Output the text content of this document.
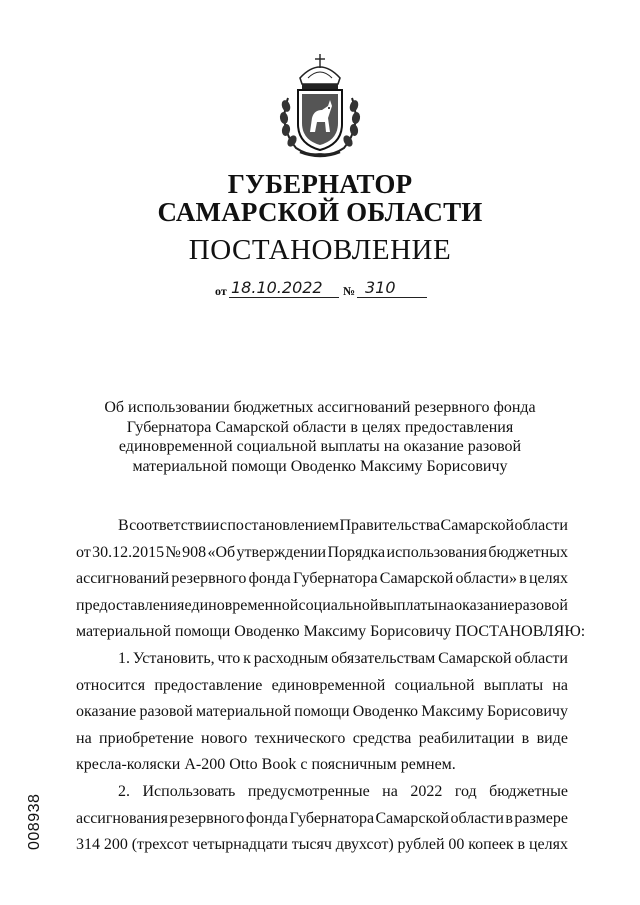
ГУБЕРНАТОР
САМАРСКОЙ ОБЛАСТИ
ПОСТАНОВЛЕНИЕ
от 18.10.2022 № 310
Об использовании бюджетных ассигнований резервного фонда
Губернатора Самарской области в целях предоставления
единовременной социальной выплаты на оказание разовой
материальной помощи Оводенко Максиму Борисовичу
В соответствии с постановлением Правительства Самарской области
от 30.12.2015 № 908 «Об утверждении Порядка использования бюджетных
ассигнований резервного фонда Губернатора Самарской области» в целях
предоставления единовременной социальной выплаты на оказание разовой
материальной помощи Оводенко Максиму Борисовичу ПОСТАНОВЛЯЮ:
1. Установить, что к расходным обязательствам Самарской области
относится предоставление единовременной социальной выплаты на
оказание разовой материальной помощи Оводенко Максиму Борисовичу
на приобретение нового технического средства реабилитации в виде
кресла-коляски А-200 Otto Book с поясничным ремнем.
2. Использовать предусмотренные на 2022 год бюджетные
ассигнования резервного фонда Губернатора Самарской области в размере
314 200 (трехсот четырнадцати тысяч двухсот) рублей 00 копеек в целях
008938
